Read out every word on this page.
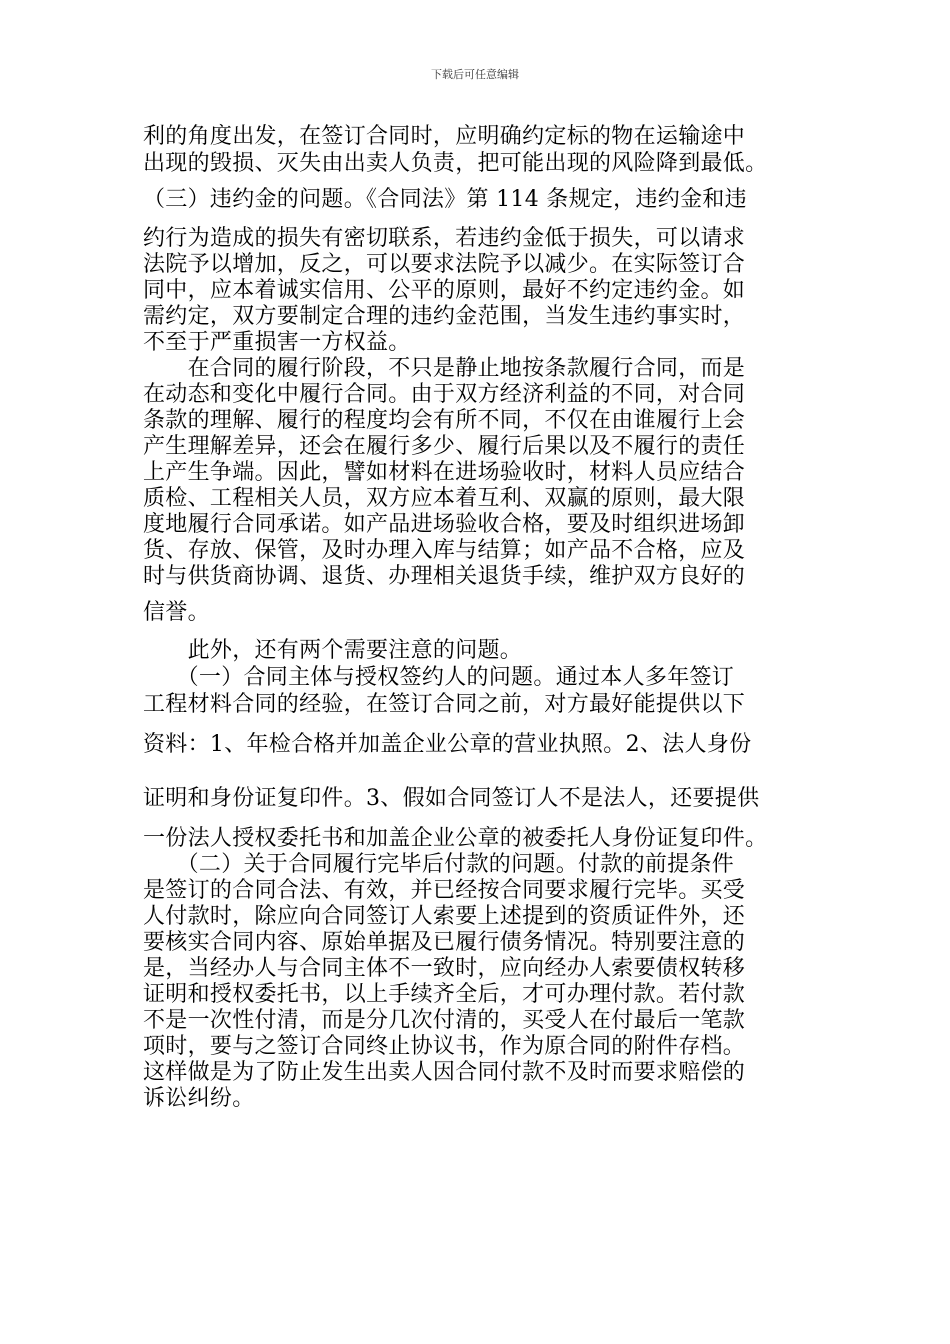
下载后可任意编辑
利的角度出发，在签订合同时，应明确约定标的物在运输途中
出现的毁损、灭失由出卖人负责，把可能出现的风险降到最低。
（三）违约金的问题。《合同法》第 114 条规定，违约金和违
约行为造成的损失有密切联系，若违约金低于损失，可以请求
法院予以增加，反之，可以要求法院予以减少。在实际签订合
同中，应本着诚实信用、公平的原则，最好不约定违约金。如
需约定，双方要制定合理的违约金范围，当发生违约事实时，
不至于严重损害一方权益。
　　在合同的履行阶段，不只是静止地按条款履行合同，而是
在动态和变化中履行合同。由于双方经济利益的不同，对合同
条款的理解、履行的程度均会有所不同，不仅在由谁履行上会
产生理解差异，还会在履行多少、履行后果以及不履行的责任
上产生争端。因此，譬如材料在进场验收时，材料人员应结合
质检、工程相关人员，双方应本着互利、双赢的原则，最大限
度地履行合同承诺。如产品进场验收合格，要及时组织进场卸
货、存放、保管，及时办理入库与结算；如产品不合格，应及
时与供货商协调、退货、办理相关退货手续，维护双方良好的
信誉。
　　此外，还有两个需要注意的问题。
　　（一）合同主体与授权签约人的问题。通过本人多年签订
工程材料合同的经验，在签订合同之前，对方最好能提供以下
资料：1、年检合格并加盖企业公章的营业执照。2、法人身份
证明和身份证复印件。3、假如合同签订人不是法人，还要提供
一份法人授权委托书和加盖企业公章的被委托人身份证复印件。
　　（二）关于合同履行完毕后付款的问题。付款的前提条件
是签订的合同合法、有效，并已经按合同要求履行完毕。买受
人付款时，除应向合同签订人索要上述提到的资质证件外，还
要核实合同内容、原始单据及已履行债务情况。特别要注意的
是，当经办人与合同主体不一致时，应向经办人索要债权转移
证明和授权委托书，以上手续齐全后，才可办理付款。若付款
不是一次性付清，而是分几次付清的，买受人在付最后一笔款
项时，要与之签订合同终止协议书，作为原合同的附件存档。
这样做是为了防止发生出卖人因合同付款不及时而要求赔偿的
诉讼纠纷。
